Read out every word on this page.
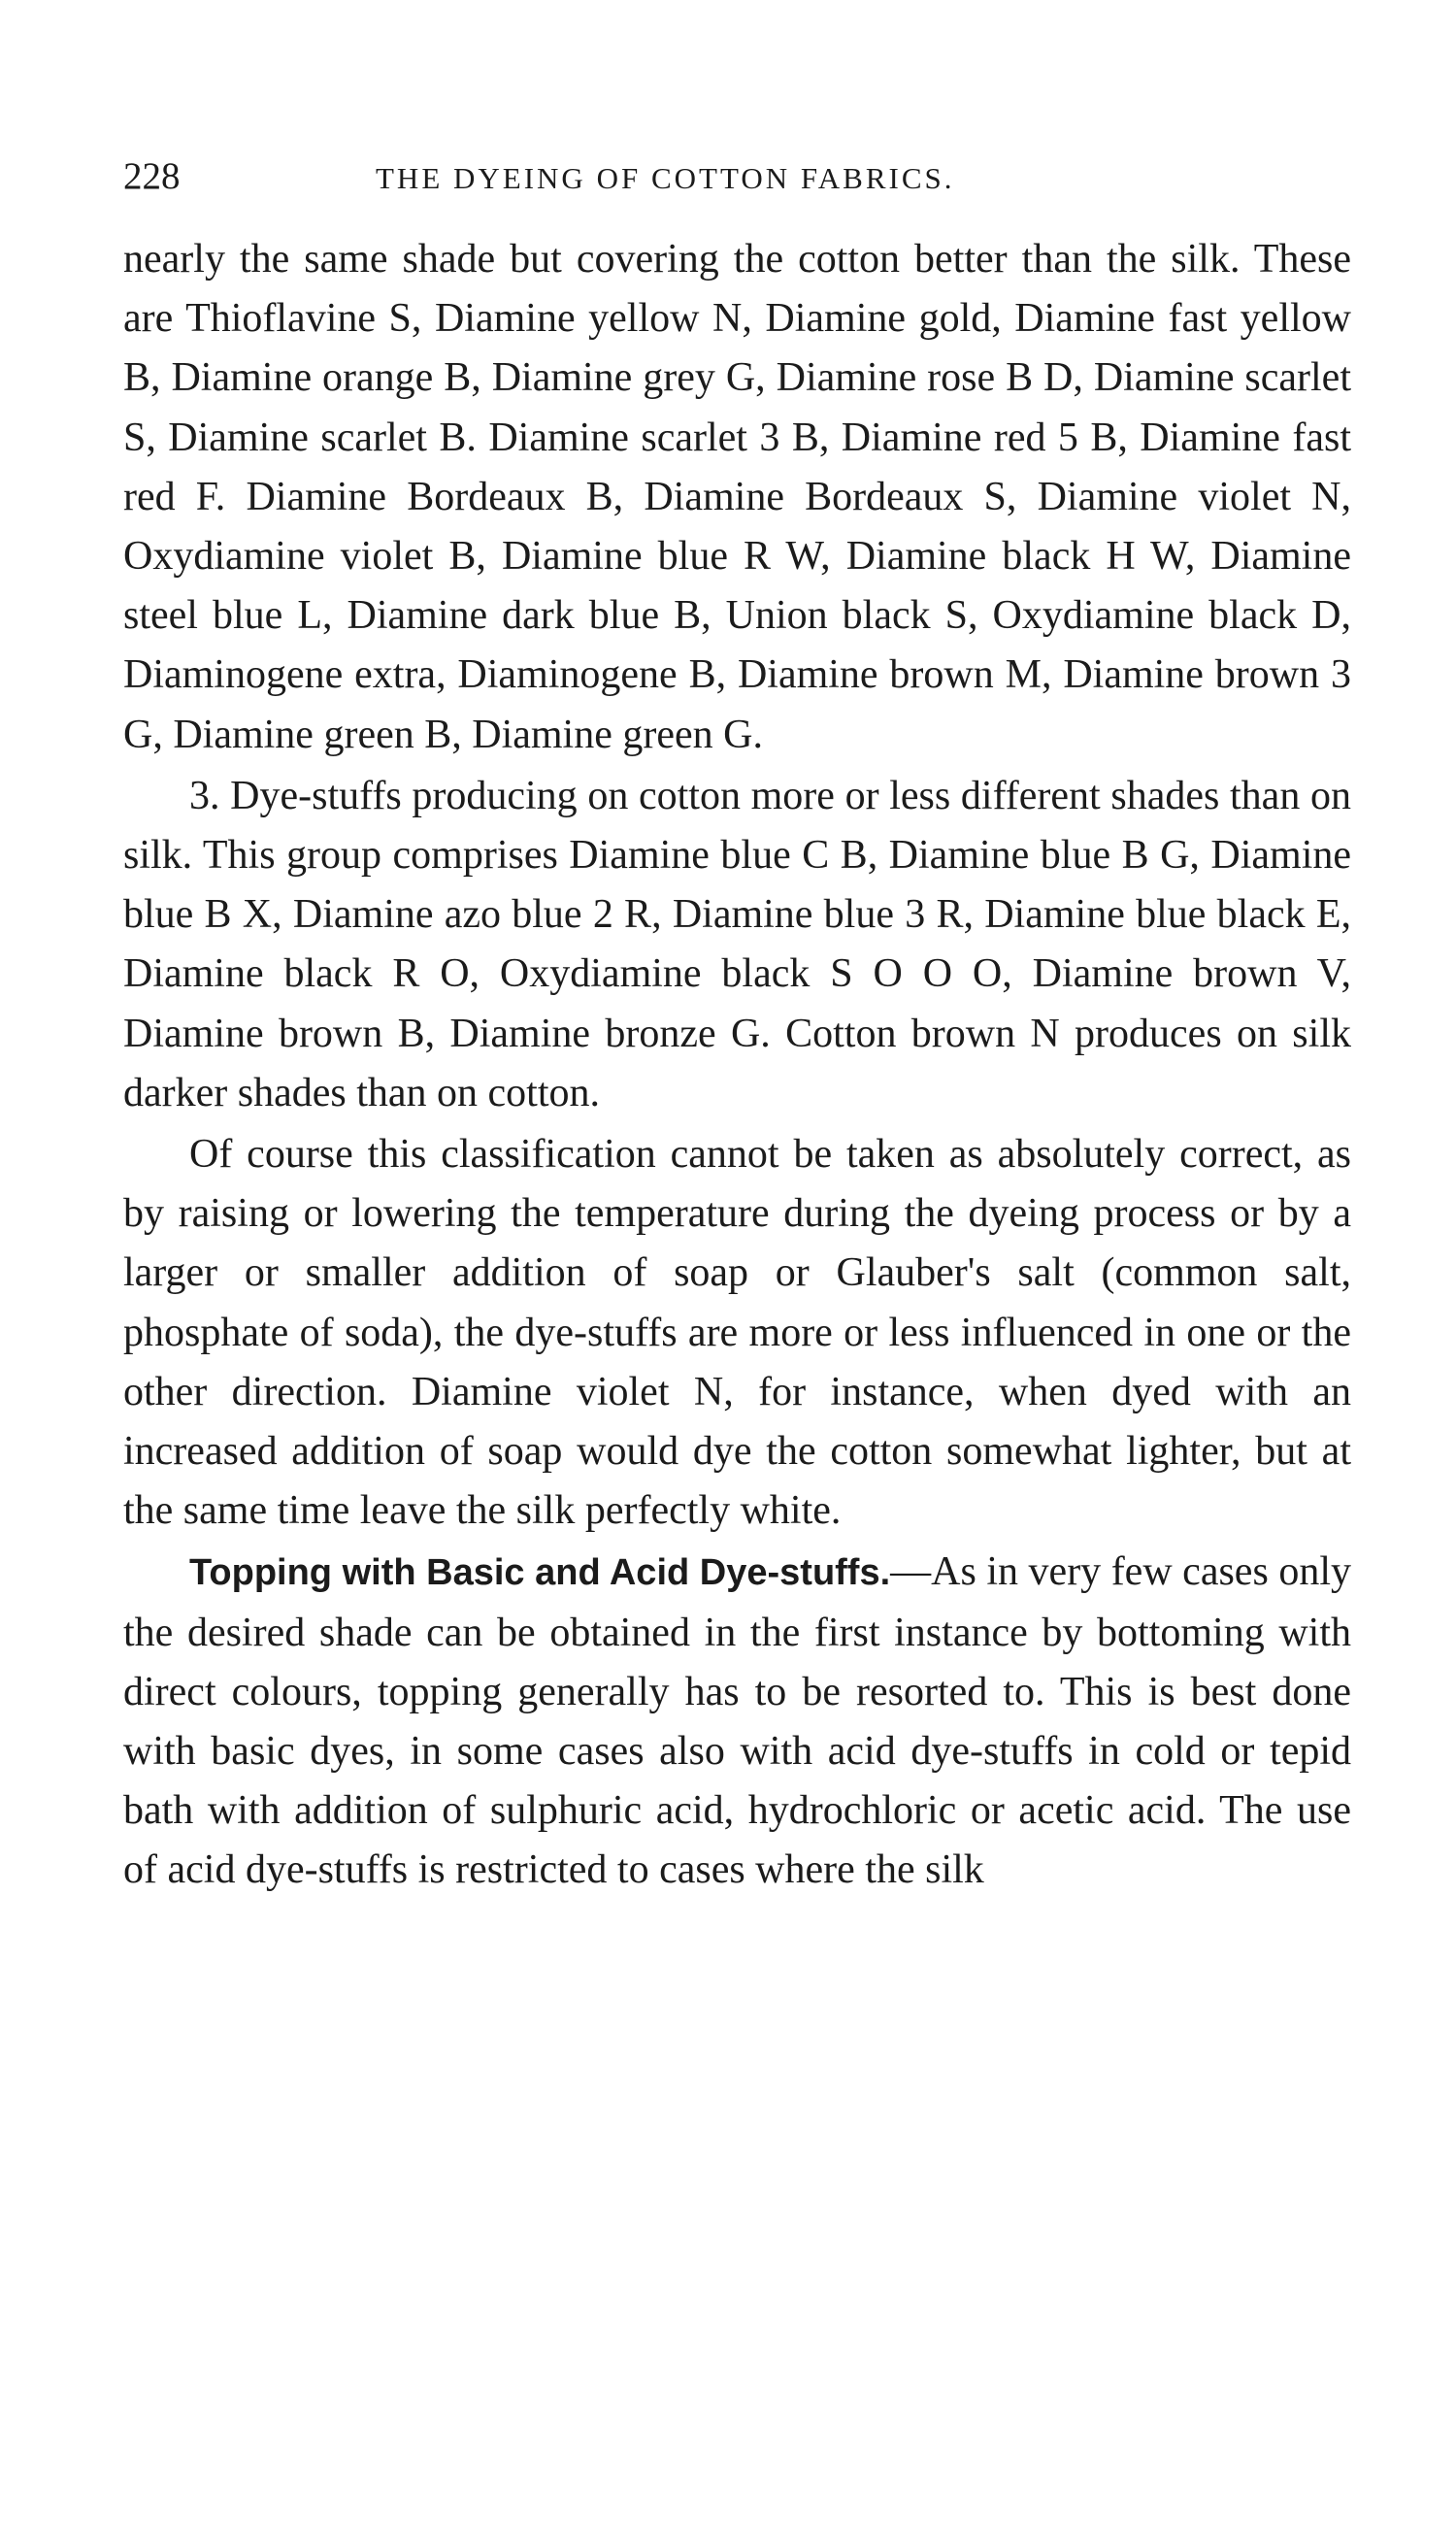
228	THE DYEING OF COTTON FABRICS.

nearly the same shade but covering the cotton better than the silk. These are Thioflavine S, Diamine yellow N, Diamine gold, Diamine fast yellow B, Diamine orange B, Diamine grey G, Diamine rose B D, Diamine scarlet S, Diamine scarlet B. Diamine scarlet 3 B, Diamine red 5 B, Diamine fast red F. Diamine Bordeaux B, Diamine Bordeaux S, Diamine violet N, Oxydiamine violet B, Diamine blue R W, Diamine black H W, Diamine steel blue L, Diamine dark blue B, Union black S, Oxydiamine black D, Diaminogene extra, Diaminogene B, Diamine brown M, Diamine brown 3 G, Diamine green B, Diamine green G.

3. Dye-stuffs producing on cotton more or less different shades than on silk. This group comprises Diamine blue C B, Diamine blue B G, Diamine blue B X, Diamine azo blue 2 R, Diamine blue 3 R, Diamine blue black E, Diamine black R O, Oxydiamine black S O O O, Diamine brown V, Diamine brown B, Diamine bronze G. Cotton brown N produces on silk darker shades than on cotton.

Of course this classification cannot be taken as absolutely correct, as by raising or lowering the temperature during the dyeing process or by a larger or smaller addition of soap or Glauber's salt (common salt, phosphate of soda), the dye-stuffs are more or less influenced in one or the other direction. Diamine violet N, for instance, when dyed with an increased addition of soap would dye the cotton somewhat lighter, but at the same time leave the silk perfectly white.

Topping with Basic and Acid Dye-stuffs.—As in very few cases only the desired shade can be obtained in the first instance by bottoming with direct colours, topping generally has to be resorted to. This is best done with basic dyes, in some cases also with acid dye-stuffs in cold or tepid bath with addition of sulphuric acid, hydrochloric or acetic acid. The use of acid dye-stuffs is restricted to cases where the silk
